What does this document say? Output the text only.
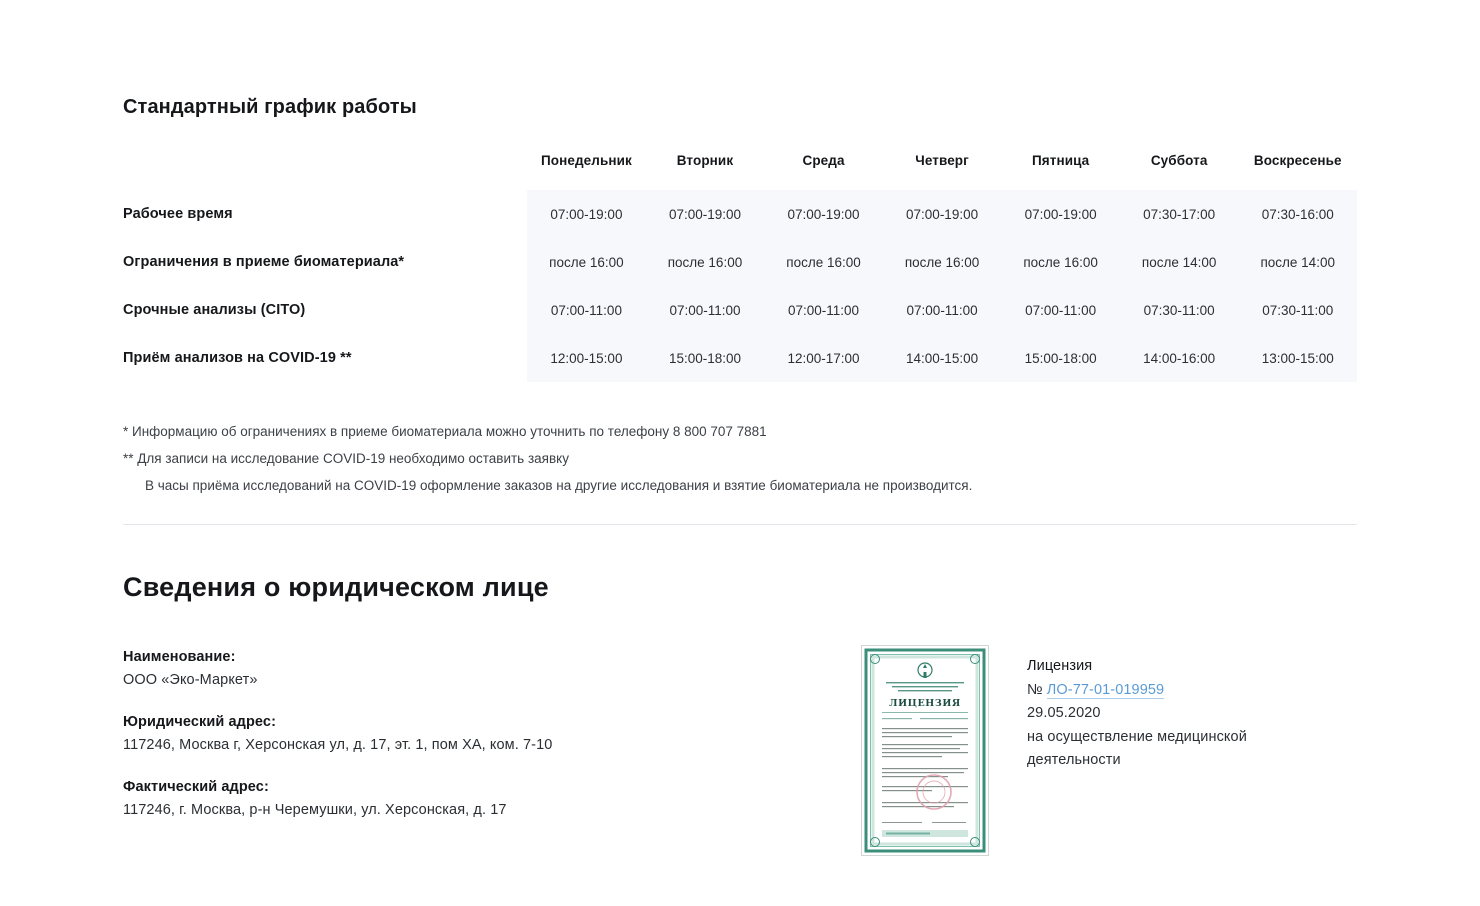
Стандартный график работы
	Понедельник	Вторник	Среда	Четверг	Пятница	Суббота	Воскресенье
Рабочее время	07:00-19:00	07:00-19:00	07:00-19:00	07:00-19:00	07:00-19:00	07:30-17:00	07:30-16:00
Ограничения в приеме биоматериала*	после 16:00	после 16:00	после 16:00	после 16:00	после 16:00	после 14:00	после 14:00
Срочные анализы (CITO)	07:00-11:00	07:00-11:00	07:00-11:00	07:00-11:00	07:00-11:00	07:30-11:00	07:30-11:00
Приём анализов на COVID-19 **	12:00-15:00	15:00-18:00	12:00-17:00	14:00-15:00	15:00-18:00	14:00-16:00	13:00-15:00
* Информацию об ограничениях в приеме биоматериала можно уточнить по телефону 8 800 707 7881
** Для записи на исследование COVID-19 необходимо оставить заявку
В часы приёма исследований на COVID-19 оформление заказов на другие исследования и взятие биоматериала не производится.
Сведения о юридическом лице
Наименование:
ООО «Эко-Маркет»
Юридический адрес:
117246, Москва г, Херсонская ул, д. 17, эт. 1, пом ХА, ком. 7-10
Фактический адрес:
117246, г. Москва, р-н Черемушки, ул. Херсонская, д. 17
ЛИЦЕНЗИЯ
Лицензия
№ ЛО-77-01-019959
29.05.2020
на осуществление медицинской деятельности
